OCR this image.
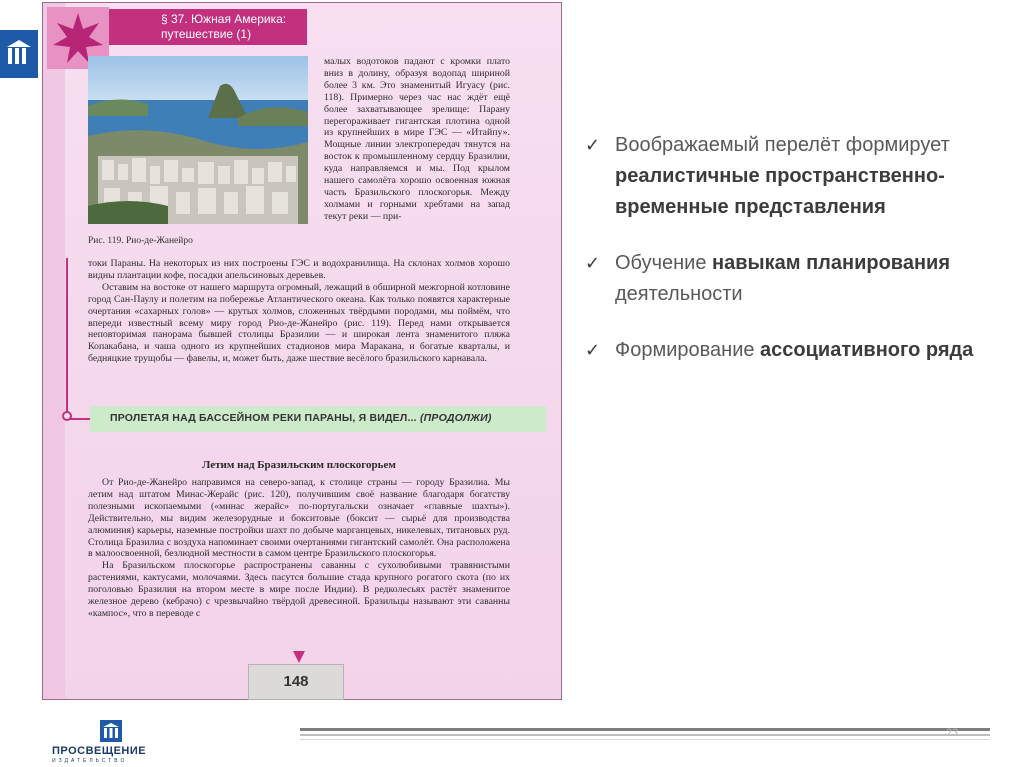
§ 37. Южная Америка:
путешествие (1)
Рис. 119. Рио-де-Жанейро

малых водотоков падают с кромки плато вниз в долину, образуя водопад шириной более 3 км. Это знаменитый Игуасу (рис. 118). Примерно через час нас ждёт ещё более захватывающее зрелище: Парану перегораживает гигантская плотина одной из крупнейших в мире ГЭС — «Итайпу». Мощные линии электропередач тянутся на восток к промышленному сердцу Бразилии, куда направляемся и мы. Под крылом нашего самолёта хорошо освоенная южная часть Бразильского плоскогорья. Между холмами и горными хребтами на запад текут реки — при-

токи Параны. На некоторых из них построены ГЭС и водохранилища. На склонах холмов хорошо видны плантации кофе, посадки апельсиновых деревьев.

Оставим на востоке от нашего маршрута огромный, лежащий в обширной межгорной котловине город Сан-Паулу и полетим на побережье Атлантического океана. Как только появятся характерные очертания «сахарных голов» — крутых холмов, сложенных твёрдыми породами, мы поймём, что впереди известный всему миру город Рио-де-Жанейро (рис. 119). Перед нами открывается неповторимая панорама бывшей столицы Бразилии — и широкая лента знаменитого пляжа Копакабана, и чаша одного из крупнейших стадионов мира Маракана, и богатые кварталы, и бедняцкие трущобы — фавелы, и, может быть, даже шествие весёлого бразильского карнавала.

ПРОЛЕТАЯ НАД БАССЕЙНОМ РЕКИ ПАРАНЫ, Я ВИДЕЛ... (ПРОДОЛЖИ)
Летим над Бразильским плоскогорьем

От Рио-де-Жанейро направимся на северо-запад, к столице страны — городу Бразилиа. Мы летим над штатом Минас-Жерайс (рис. 120), получившим своё название благодаря богатству полезными ископаемыми («минас жерайс» по-португальски означает «главные шахты»). Действительно, мы видим железорудные и бокситовые (боксит — сырьё для производства алюминия) карьеры, наземные постройки шахт по добыче марганцевых, никелевых, титановых руд. Столица Бразилиа с воздуха напоминает своими очертаниями гигантский самолёт. Она расположена в малоосвоенной, безлюдной местности в самом центре Бразильского плоскогорья.

На Бразильском плоскогорье распространены саванны с сухолюбивыми травянистыми растениями, кактусами, молочаями. Здесь пасутся большие стада крупного рогатого скота (по их поголовью Бразилия на втором месте в мире после Индии). В редколесьях растёт знаменитое железное дерево (кебрачо) с чрезвычайно твёрдой древесиной. Бразильцы называют эти саванны «кампос», что в переводе с

148
✓ Воображаемый перелёт формирует реалистичные пространственно-временные представления
✓ Обучение навыкам планирования деятельности
✓ Формирование ассоциативного ряда
ПРОСВЕЩЕНИЕ
ИЗДАТЕЛЬСТВО
23
